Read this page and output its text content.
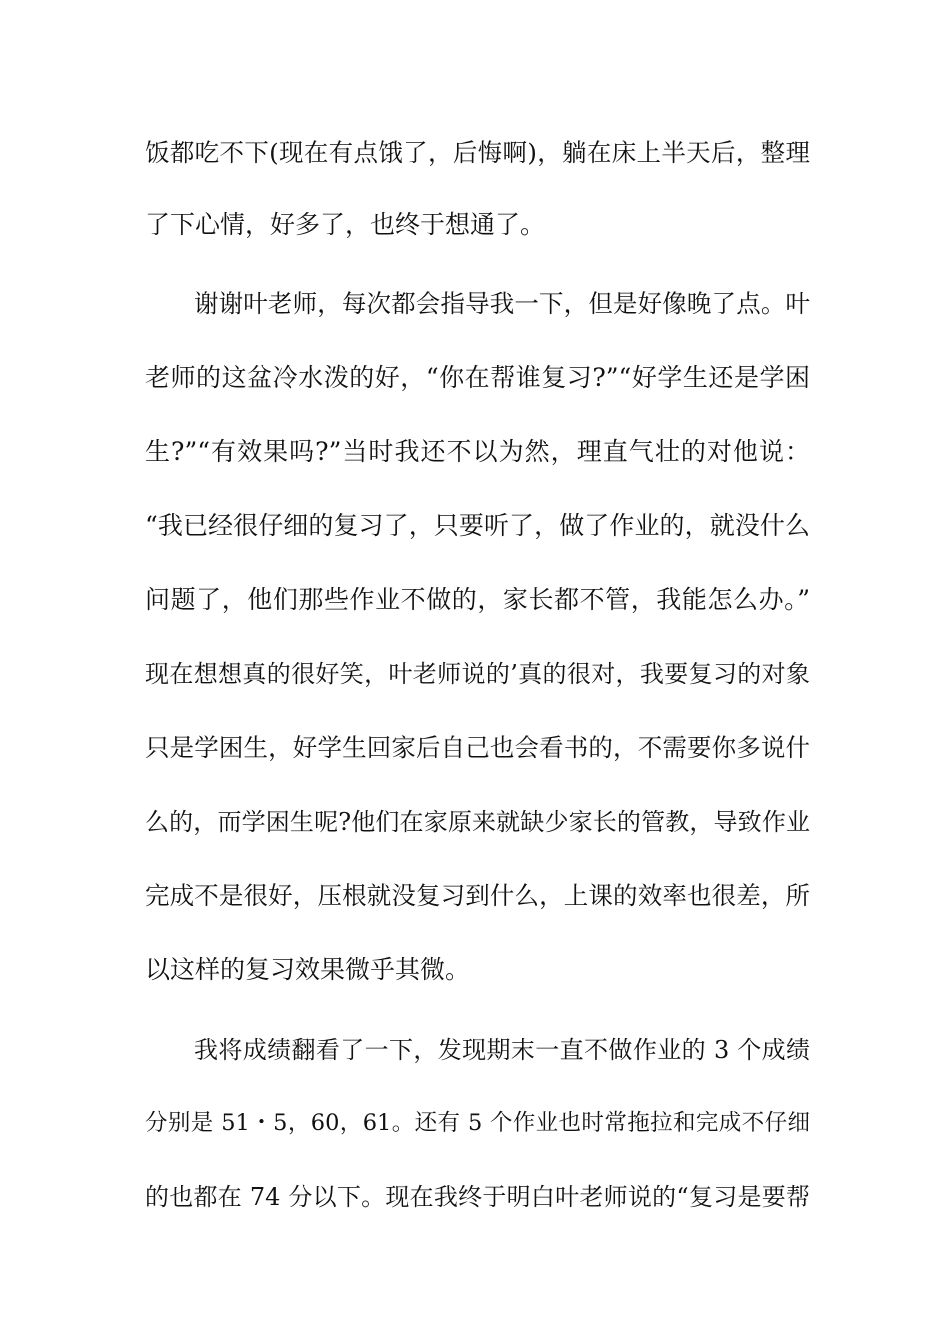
饭都吃不下(现在有点饿了，后悔啊)，躺在床上半天后，整理
了下心情，好多了，也终于想通了。
谢谢叶老师，每次都会指导我一下，但是好像晚了点。叶
老师的这盆冷水泼的好，“你在帮谁复习?”“好学生还是学困
生?”“有效果吗?”当时我还不以为然，理直气壮的对他说：
“我已经很仔细的复习了，只要听了，做了作业的，就没什么
问题了，他们那些作业不做的，家长都不管，我能怎么办。”
现在想想真的很好笑，叶老师说的’真的很对，我要复习的对象
只是学困生，好学生回家后自己也会看书的，不需要你多说什
么的，而学困生呢?他们在家原来就缺少家长的管教，导致作业
完成不是很好，压根就没复习到什么，上课的效率也很差，所
以这样的复习效果微乎其微。
我将成绩翻看了一下，发现期末一直不做作业的 3 个成绩
分别是 51・5，60，61。还有 5 个作业也时常拖拉和完成不仔细
的也都在 74 分以下。现在我终于明白叶老师说的“复习是要帮
